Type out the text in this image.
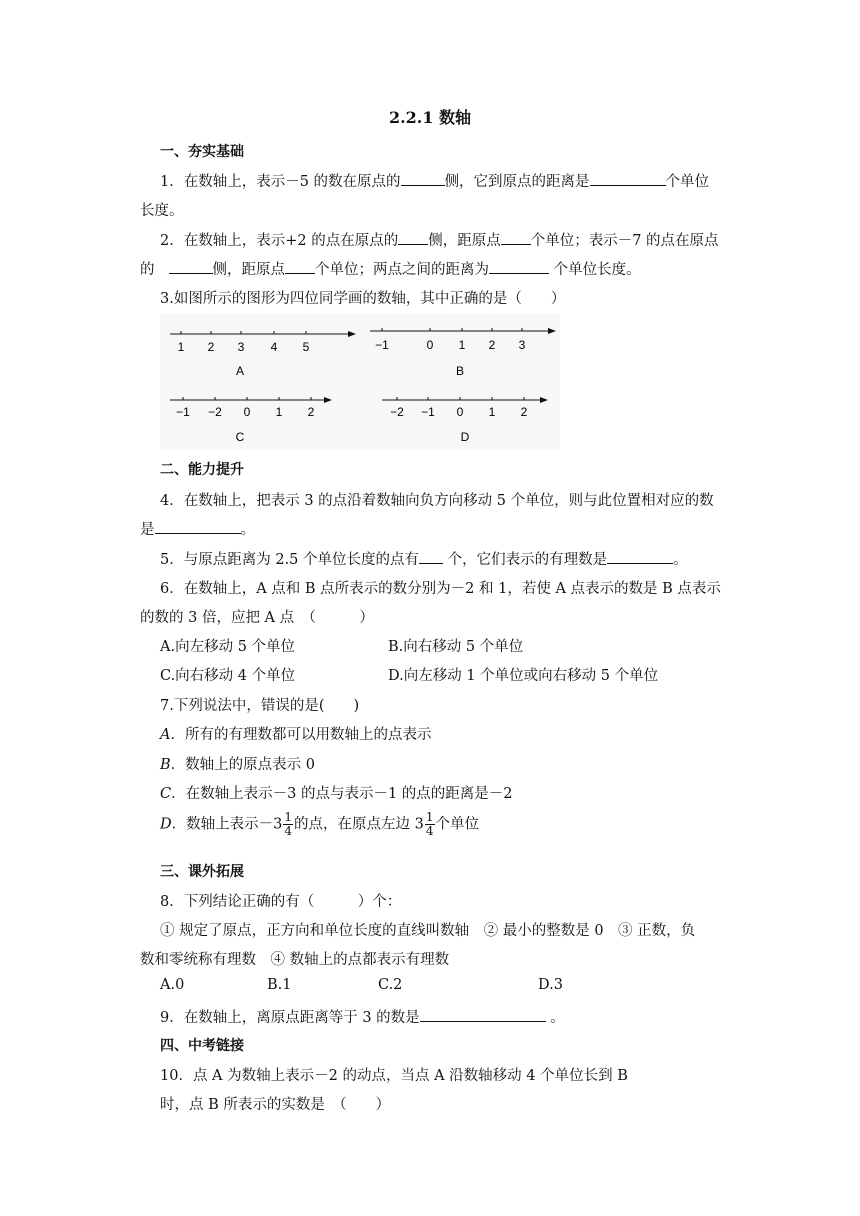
2.2.1 数轴
一、夯实基础
1．在数轴上，表示－5 的数在原点的	侧，它到原点的距离是	个单位
长度。
2．在数轴上，表示+2 的点在原点的 侧，距原点 个单位；表示－7 的点在原点
的	侧，距原点 个单位；两点之间的距离为	个单位长度。
3.如图所示的图形为四位同学画的数轴，其中正确的是（　　）
1 2 3 4 5
A
−1	0 1 2 3
B
−1 −2 0 1 2
C
−2 −1 0 1 2
D
二、能力提升
4．在数轴上，把表示 3 的点沿着数轴向负方向移动 5 个单位，则与此位置相对应的数
是	。
5．与原点距离为 2.5 个单位长度的点有 个，它们表示的有理数是	。
6．在数轴上，A 点和 B 点所表示的数分别为－2 和 1，若使 A 点表示的数是 B 点表示
的数的 3 倍，应把 A 点　（　　　）
A.向左移动 5 个单位	B.向右移动 5 个单位
C.向右移动 4 个单位	D.向左移动 1 个单位或向右移动 5 个单位
7.下列说法中，错误的是(　　)
A．所有的有理数都可以用数轴上的点表示
B．数轴上的原点表示 0
C．在数轴上表示－3 的点与表示－1 的点的距离是－2
D．数轴上表示$-3 \frac{1}{4}$ 的点，在原点左边 $3 \frac{1}{4}$ 个单位
三、课外拓展
8．下列结论正确的有（　　　）个：
① 规定了原点，正方向和单位长度的直线叫数轴　② 最小的整数是 0　③ 正数，负
数和零统称有理数　④ 数轴上的点都表示有理数
A.0	B.1	C.2	D.3
9．在数轴上，离原点距离等于 3 的数是	。
四、中考链接
10．点 A 为数轴上表示－2 的动点，当点 A 沿数轴移动 4 个单位长到 B
时，点 B 所表示的实数是　（　　）
